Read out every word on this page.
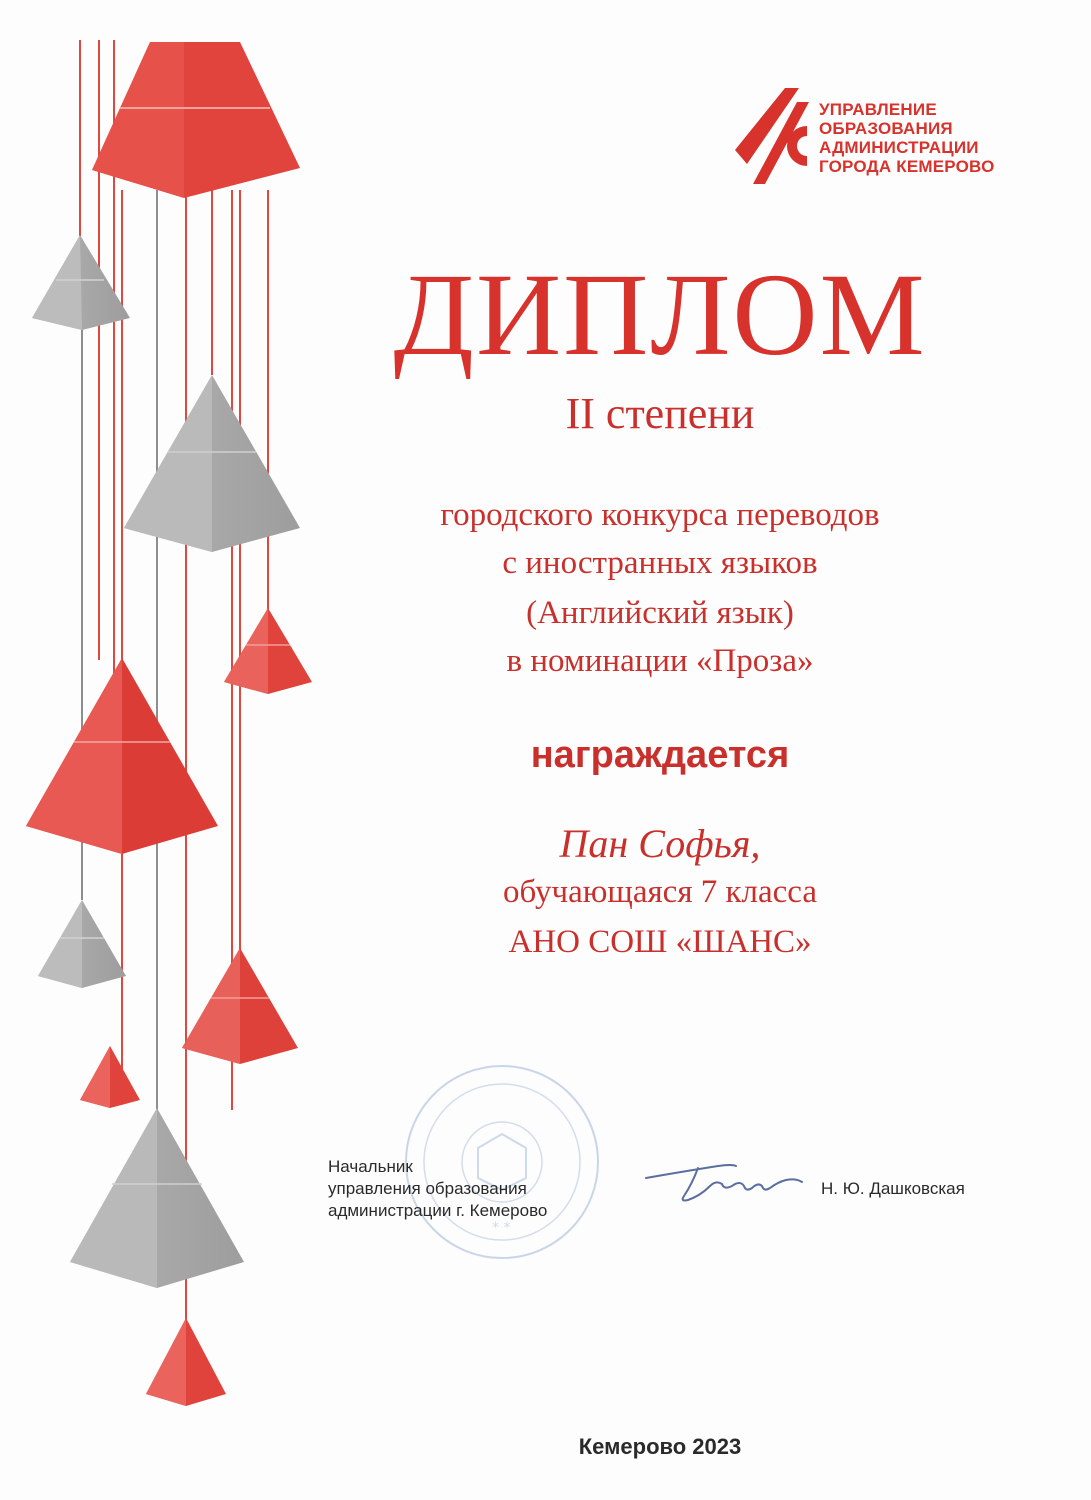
УПРАВЛЕНИЕ
ОБРАЗОВАНИЯ
АДМИНИСТРАЦИИ
ГОРОДА КЕМЕРОВО
ДИПЛОМ
II степени
городского конкурса переводов
с иностранных языков
(Английский язык)
в номинации «Проза»
награждается
Пан Софья,
обучающаяся 7 класса
АНО СОШ «ШАНС»
* *
Начальник
управления образования
администрации г. Кемерово
Н. Ю. Дашковская
Кемерово 2023
